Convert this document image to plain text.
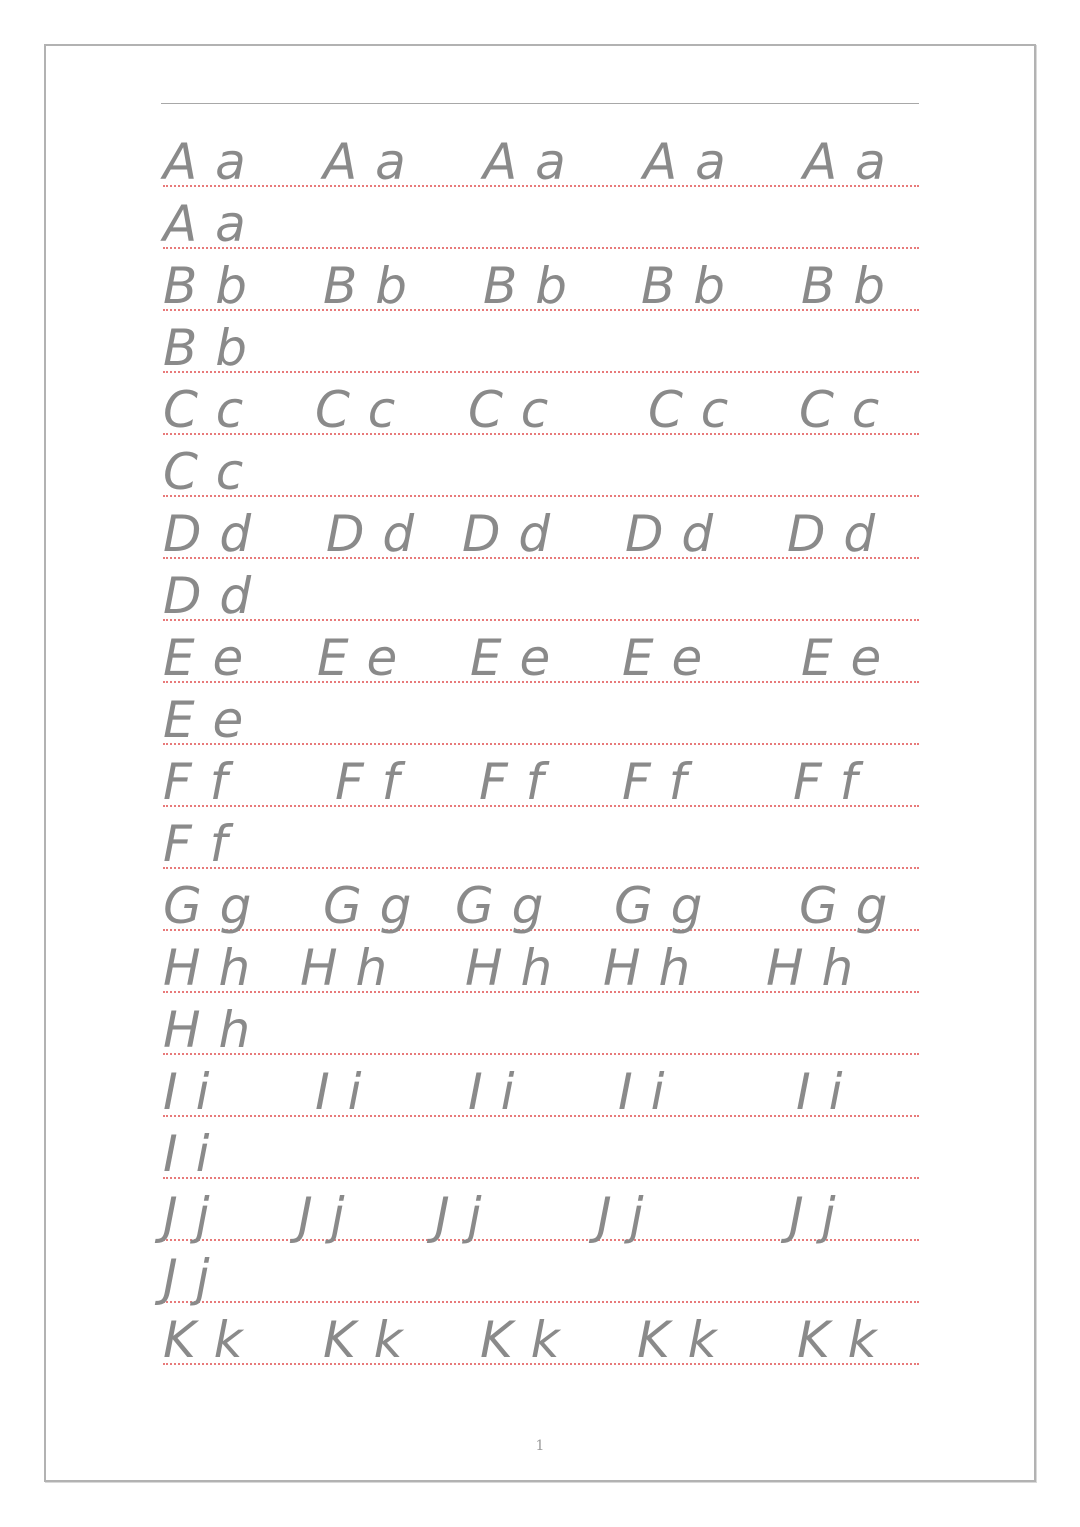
A a A a A a A a A a
A a
B b B b B b B b B b
B b
C c C c C c C c C c
C c
D d D d D d D d D d
D d
E e E e E e E e E e
E e
F f F f F f F f F f
F f
G g G g G g G g G g
H h H h H h H h H h
H h
I i I i I i I i	I i
I i
J j J j J j J j	J j
J j
K k K k K k K k K k
1
